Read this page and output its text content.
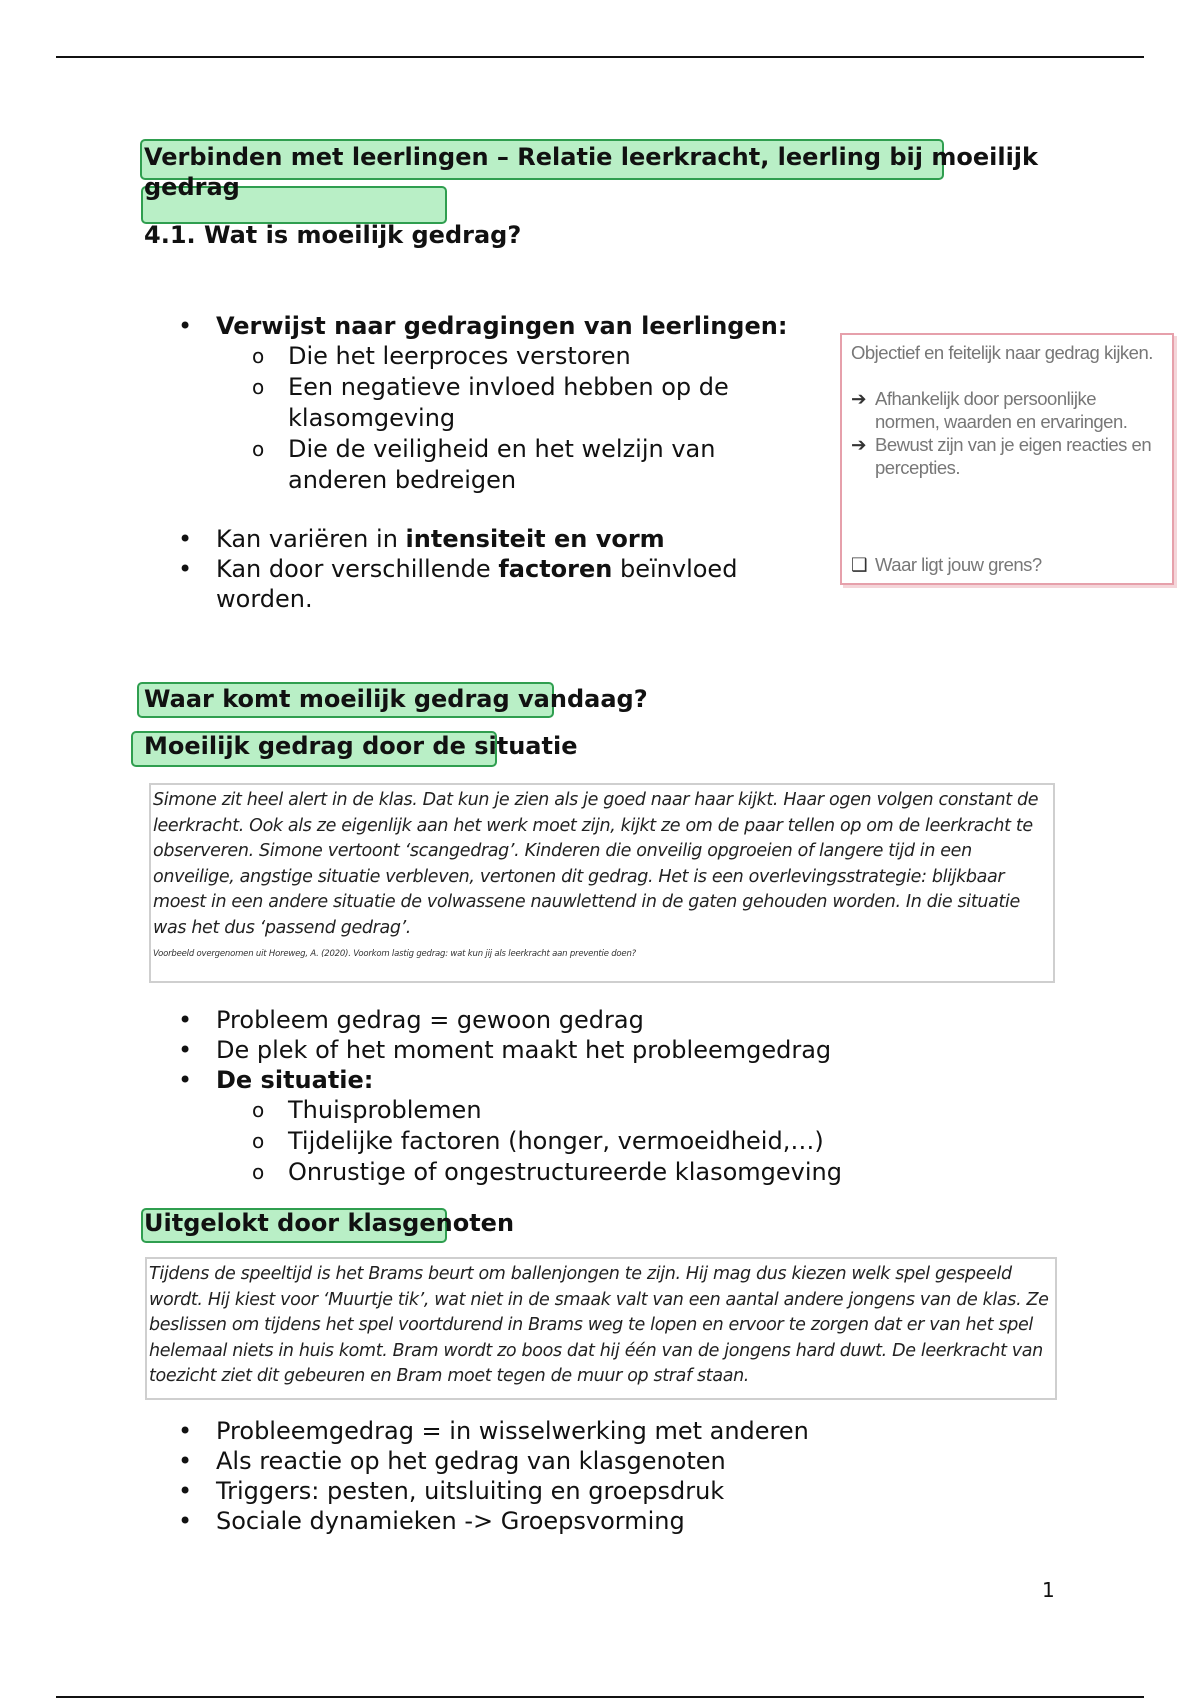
Verbinden met leerlingen – Relatie leerkracht, leerling bij moeilijk
gedrag
4.1. Wat is moeilijk gedrag?
• Verwijst naar gedragingen van leerlingen:
o Die het leerproces verstoren
o Een negatieve invloed hebben op de klasomgeving
o Die de veiligheid en het welzijn van anderen bedreigen
• Kan variëren in intensiteit en vorm
• Kan door verschillende factoren beïnvloed worden.
Objectief en feitelijk naar gedrag kijken.
➔ Afhankelijk door persoonlijke normen, waarden en ervaringen.
➔ Bewust zijn van je eigen reacties en percepties.
❑ Waar ligt jouw grens?
Waar komt moeilijk gedrag vandaag?
Moeilijk gedrag door de situatie
Simone zit heel alert in de klas. Dat kun je zien als je goed naar haar kijkt. Haar ogen volgen constant de leerkracht. Ook als ze eigenlijk aan het werk moet zijn, kijkt ze om de paar tellen op om de leerkracht te observeren. Simone vertoont ‘scangedrag’. Kinderen die onveilig opgroeien of langere tijd in een onveilige, angstige situatie verbleven, vertonen dit gedrag. Het is een overlevingsstrategie: blijkbaar moest in een andere situatie de volwassene nauwlettend in de gaten gehouden worden. In die situatie was het dus ‘passend gedrag’.
Voorbeeld overgenomen uit Horeweg, A. (2020). Voorkom lastig gedrag: wat kun jij als leerkracht aan preventie doen?
• Probleem gedrag = gewoon gedrag
• De plek of het moment maakt het probleemgedrag
• De situatie:
o Thuisproblemen
o Tijdelijke factoren (honger, vermoeidheid,…)
o Onrustige of ongestructureerde klasomgeving
Uitgelokt door klasgenoten
Tijdens de speeltijd is het Brams beurt om ballenjongen te zijn. Hij mag dus kiezen welk spel gespeeld wordt. Hij kiest voor ‘Muurtje tik’, wat niet in de smaak valt van een aantal andere jongens van de klas. Ze beslissen om tijdens het spel voortdurend in Brams weg te lopen en ervoor te zorgen dat er van het spel helemaal niets in huis komt. Bram wordt zo boos dat hij één van de jongens hard duwt. De leerkracht van toezicht ziet dit gebeuren en Bram moet tegen de muur op straf staan.
• Probleemgedrag = in wisselwerking met anderen
• Als reactie op het gedrag van klasgenoten
• Triggers: pesten, uitsluiting en groepsdruk
• Sociale dynamieken -> Groepsvorming
1
